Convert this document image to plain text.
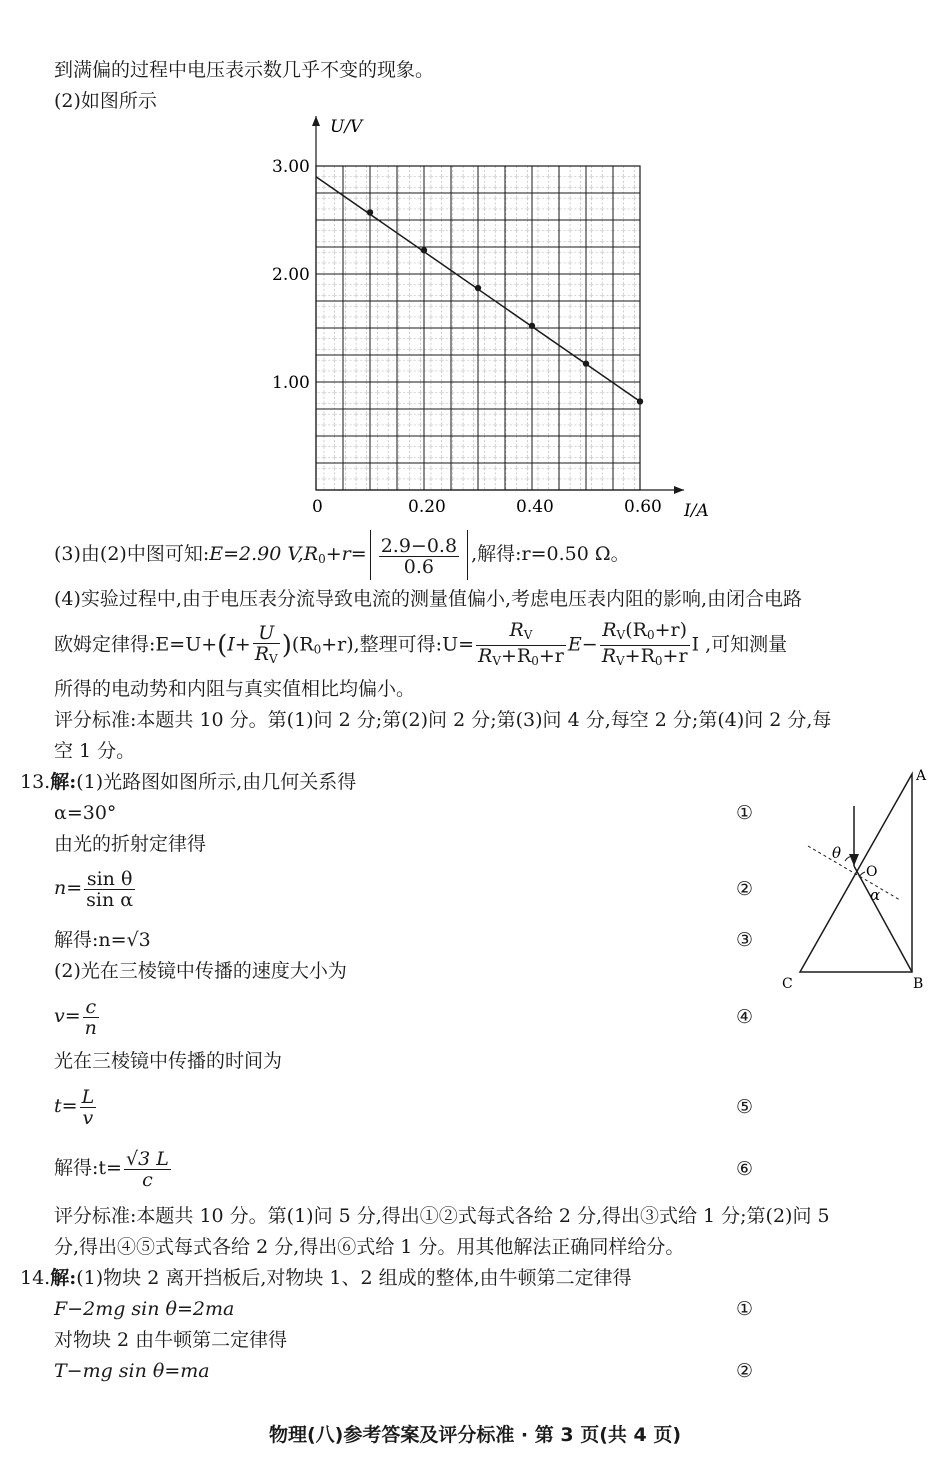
到满偏的过程中电压表示数几乎不变的现象。
(2)如图所示
0	0.20	0.40	0.60
1.00
2.00
3.00
U/V
I/A
(3)由(2)中图可知:E=2.90 $V,R_0+r= \frac{2.9-0.8}{0.6}$ ,解得:r=0.50 Ω。
(4)实验过程中,由于电压表分流导致电流的测量值偏小,考虑电压表内阻的影响,由闭合电路
欧姆定律得:E=U+(I+ $\frac{U}{R_V} )(R_0+r)$,整理可得:U= $\frac{R_V}{R_V+R_0+r} E- \frac{R_V(R_0+r)}{R_V+R_0+r}$ I ,可知测量
所得的电动势和内阻与真实值相比均偏小。
评分标准:本题共 10 分。第(1)问 2 分;第(2)问 2 分;第(3)问 4 分,每空 2 分;第(4)问 2 分,每
空 1 分。
13.解:(1)光路图如图所示,由几何关系得
α=30°	①
由光的折射定律得
$n= \frac{\text{sin θ}}{\text{sin α}}$	②
解得:n=√3	③
(2)光在三棱镜中传播的速度大小为
$v= \frac{c}{n}$	④
光在三棱镜中传播的时间为
$t= \frac{L}{v}$	⑤
解得:t= $\frac{√3 L}{c}$	⑥
评分标准:本题共 10 分。第(1)问 5 分,得出①②式每式各给 2 分,得出③式给 1 分;第(2)问 5
分,得出④⑤式每式各给 2 分,得出⑥式给 1 分。用其他解法正确同样给分。
A
B
C
O
θ
α
14.解:(1)物块 2 离开挡板后,对物块 1、2 组成的整体,由牛顿第二定律得
F−2mg sin θ=2ma	①
对物块 2 由牛顿第二定律得
T−mg sin θ=ma	②
物理(八)参考答案及评分标准 · 第 3 页(共 4 页)
